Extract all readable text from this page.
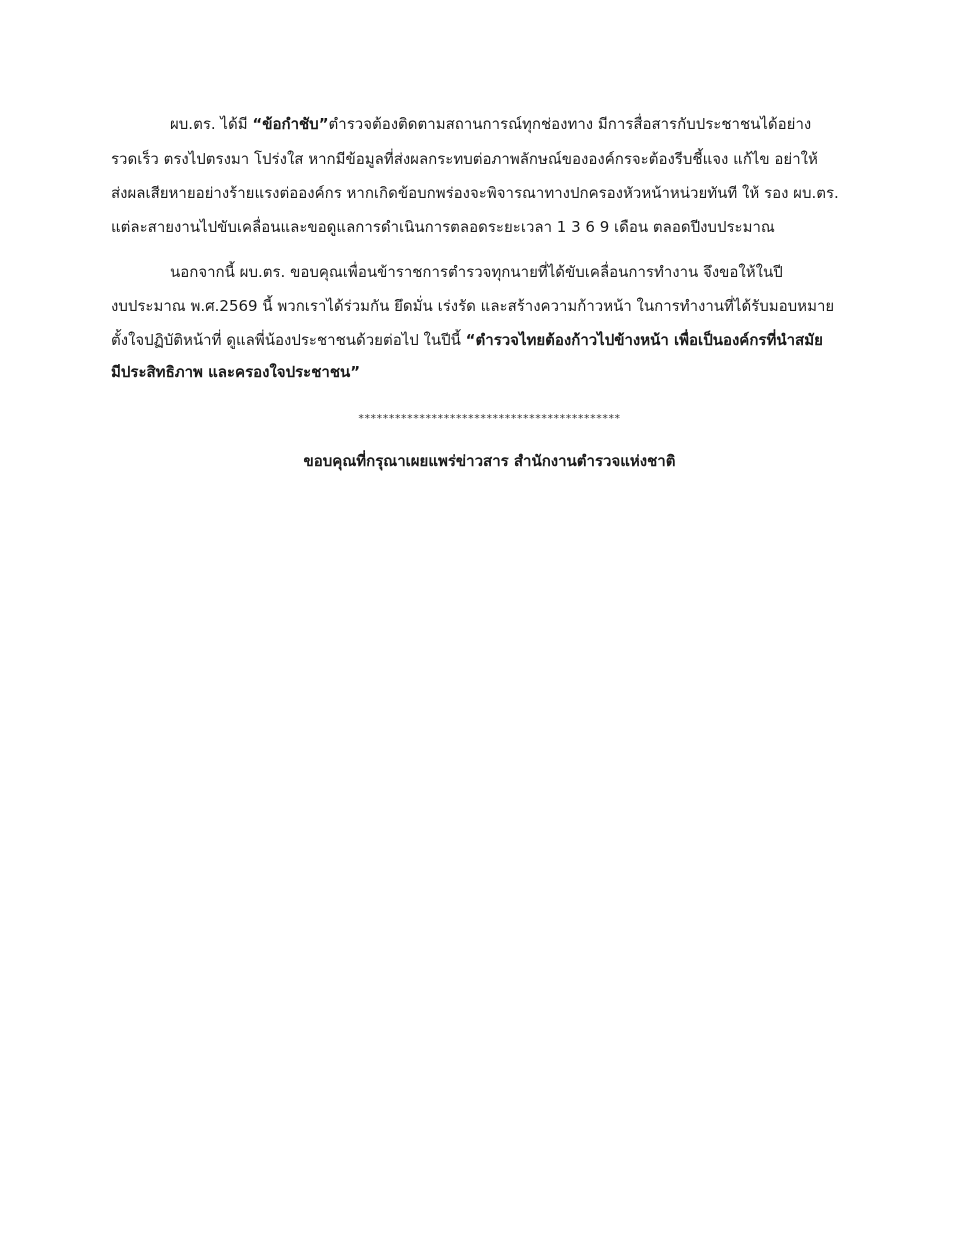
ผบ.ตร. ได้มี “ข้อกำชับ”ตำรวจต้องติดตามสถานการณ์ทุกช่องทาง มีการสื่อสารกับประชาชนได้อย่าง
รวดเร็ว ตรงไปตรงมา โปร่งใส หากมีข้อมูลที่ส่งผลกระทบต่อภาพลักษณ์ขององค์กรจะต้องรีบชี้แจง แก้ไข อย่าให้
ส่งผลเสียหายอย่างร้ายแรงต่อองค์กร หากเกิดข้อบกพร่องจะพิจารณาทางปกครองหัวหน้าหน่วยทันที ให้ รอง ผบ.ตร.
แต่ละสายงานไปขับเคลื่อนและขอดูแลการดำเนินการตลอดระยะเวลา 1 3 6 9 เดือน ตลอดปีงบประมาณ
นอกจากนี้ ผบ.ตร. ขอบคุณเพื่อนข้าราชการตำรวจทุกนายที่ได้ขับเคลื่อนการทำงาน จึงขอให้ในปี
งบประมาณ พ.ศ.2569 นี้ พวกเราได้ร่วมกัน ยึดมั่น เร่งรัด และสร้างความก้าวหน้า ในการทำงานที่ได้รับมอบหมาย
ตั้งใจปฏิบัติหน้าที่ ดูแลพี่น้องประชาชนด้วยต่อไป ในปีนี้ “ตำรวจไทยต้องก้าวไปข้างหน้า เพื่อเป็นองค์กรที่นำสมัย
มีประสิทธิภาพ และครองใจประชาชน”
*******************************************
ขอบคุณที่กรุณาเผยแพร่ข่าวสาร สำนักงานตำรวจแห่งชาติ
